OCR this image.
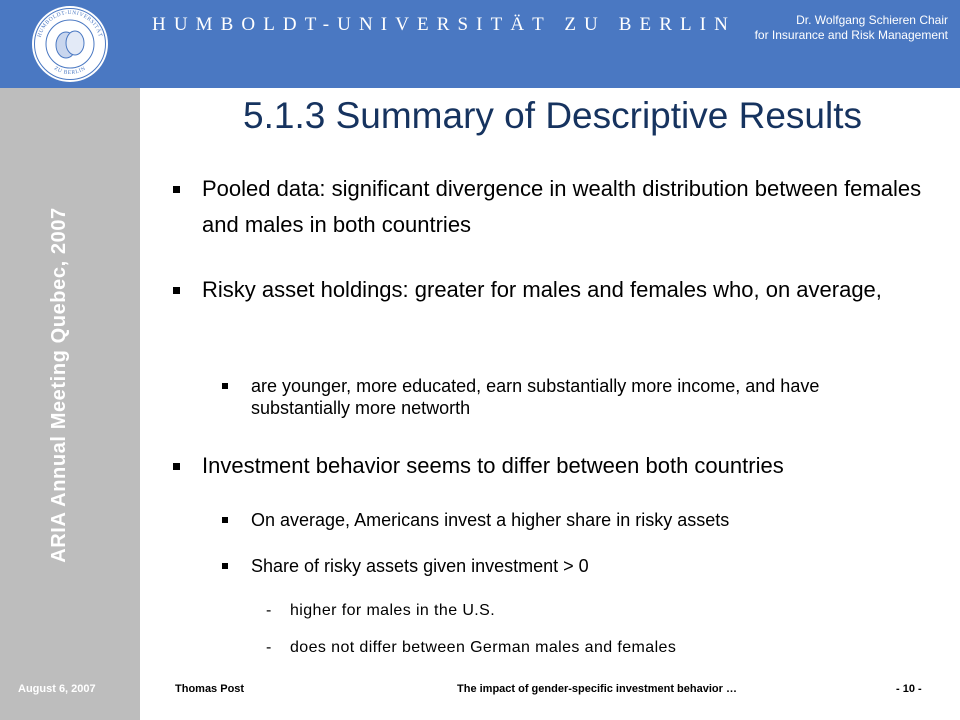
HUMBOLDT-UNIVERSITÄT
ZU BERLIN
HUMBOLDT-UNIVERSITÄT ZU BERLIN	Dr. Wolfgang Schieren Chair
for Insurance and Risk Management
ARIA Annual Meeting Quebec, 2007
5.1.3 Summary of Descriptive Results
Pooled data: significant divergence in wealth distribution between females and males in both countries
Risky asset holdings: greater for males and females who, on average,
are younger, more educated, earn substantially more income, and have substantially more networth
Investment behavior seems to differ between both countries
On average, Americans invest a higher share in risky assets
Share of risky assets given investment > 0
- higher for males in the U.S.
- does not differ between German males and females
August 6, 2007	Thomas Post	The impact of gender-specific investment behavior …	- 10 -
